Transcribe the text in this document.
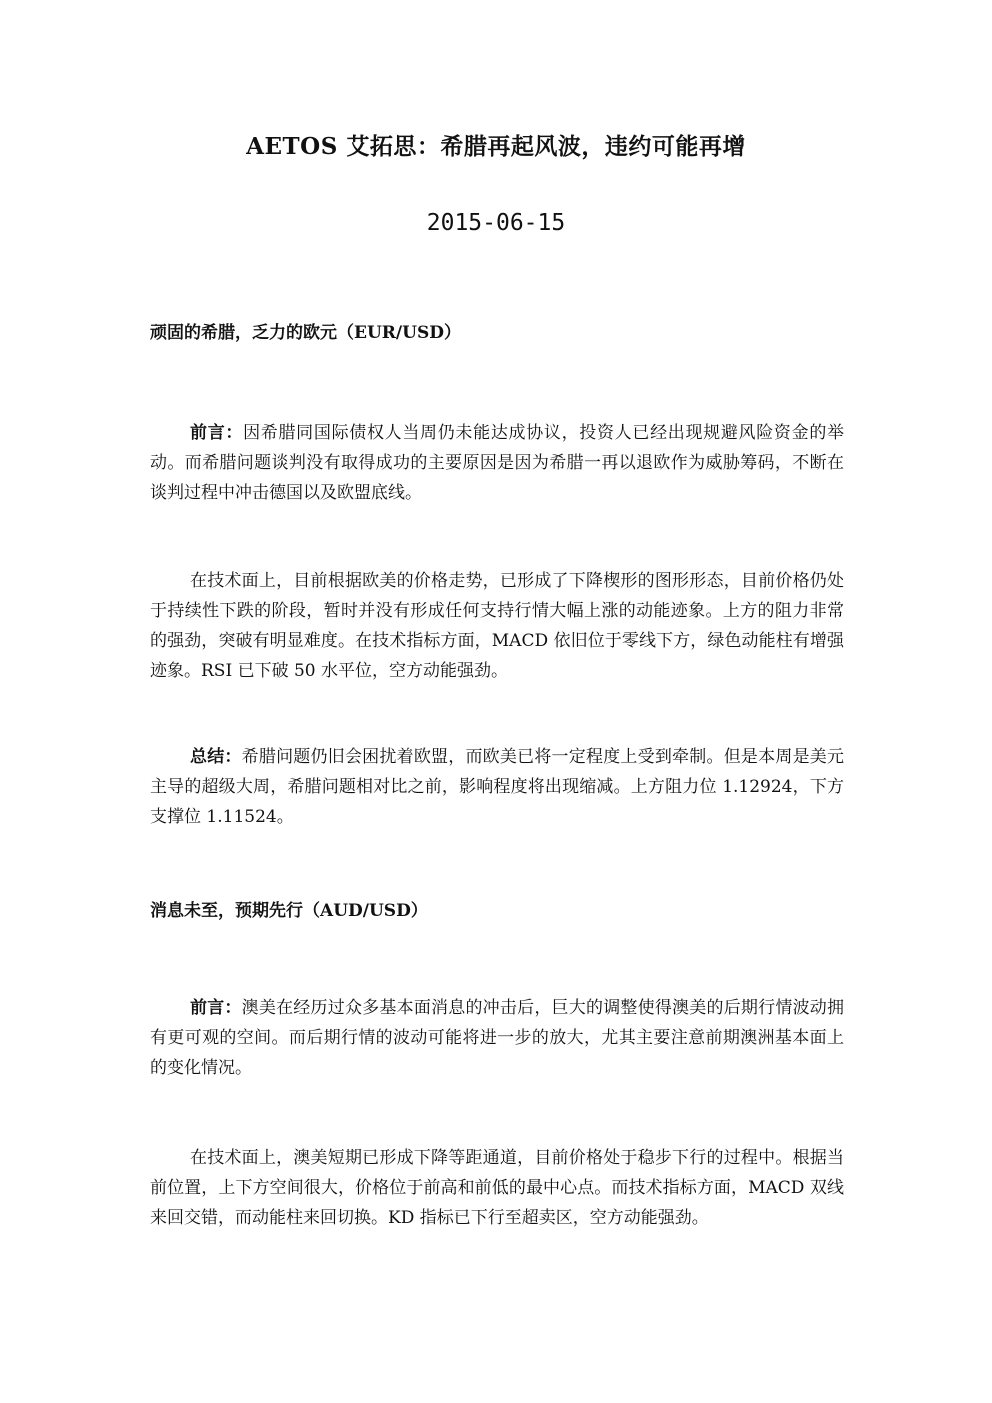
AETOS 艾拓思：希腊再起风波，违约可能再增
2015-06-15
顽固的希腊，乏力的欧元（EUR/USD）

前言：因希腊同国际债权人当周仍未能达成协议，投资人已经出现规避风险资金的举动。而希腊问题谈判没有取得成功的主要原因是因为希腊一再以退欧作为威胁筹码，不断在谈判过程中冲击德国以及欧盟底线。

在技术面上，目前根据欧美的价格走势，已形成了下降楔形的图形形态，目前价格仍处于持续性下跌的阶段，暂时并没有形成任何支持行情大幅上涨的动能迹象。上方的阻力非常的强劲，突破有明显难度。在技术指标方面，MACD 依旧位于零线下方，绿色动能柱有增强迹象。RSI 已下破 50 水平位，空方动能强劲。

总结：希腊问题仍旧会困扰着欧盟，而欧美已将一定程度上受到牵制。但是本周是美元主导的超级大周，希腊问题相对比之前，影响程度将出现缩减。上方阻力位 1.12924，下方支撑位 1.11524。

消息未至，预期先行（AUD/USD）

前言：澳美在经历过众多基本面消息的冲击后，巨大的调整使得澳美的后期行情波动拥有更可观的空间。而后期行情的波动可能将进一步的放大，尤其主要注意前期澳洲基本面上的变化情况。

在技术面上，澳美短期已形成下降等距通道，目前价格处于稳步下行的过程中。根据当前位置，上下方空间很大，价格位于前高和前低的最中心点。而技术指标方面，MACD 双线来回交错，而动能柱来回切换。KD 指标已下行至超卖区，空方动能强劲。
